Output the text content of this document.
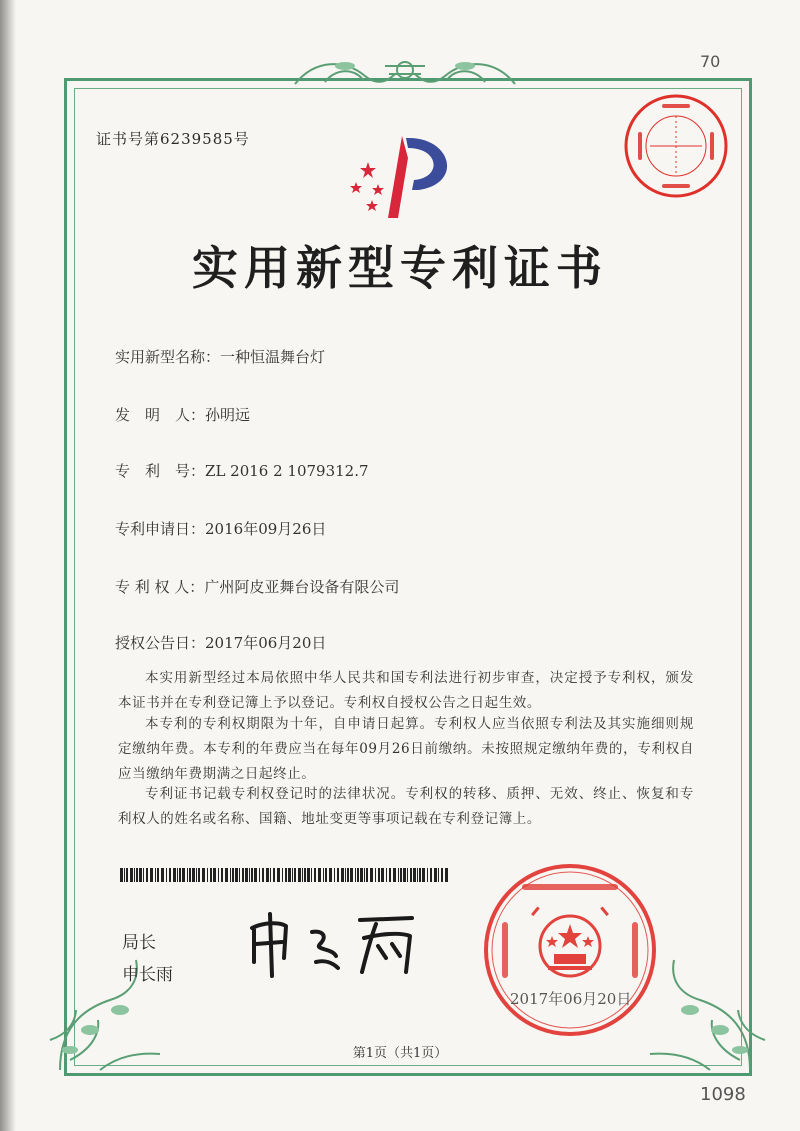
70
1098
证书号第6239585号
实用新型专利证书
实用新型名称：一种恒温舞台灯
发　明　人：孙明远
专　利　号：ZL 2016 2 1079312.7
专利申请日：2016年09月26日
专 利 权 人：广州阿皮亚舞台设备有限公司
授权公告日：2017年06月20日
本实用新型经过本局依照中华人民共和国专利法进行初步审查，决定授予专利权，颁发本证书并在专利登记簿上予以登记。专利权自授权公告之日起生效。
本专利的专利权期限为十年，自申请日起算。专利权人应当依照专利法及其实施细则规定缴纳年费。本专利的年费应当在每年09月26日前缴纳。未按照规定缴纳年费的，专利权自应当缴纳年费期满之日起终止。
专利证书记载专利权登记时的法律状况。专利权的转移、质押、无效、终止、恢复和专利权人的姓名或名称、国籍、地址变更等事项记载在专利登记簿上。
局长
申长雨
2017年06月20日
第1页（共1页）
